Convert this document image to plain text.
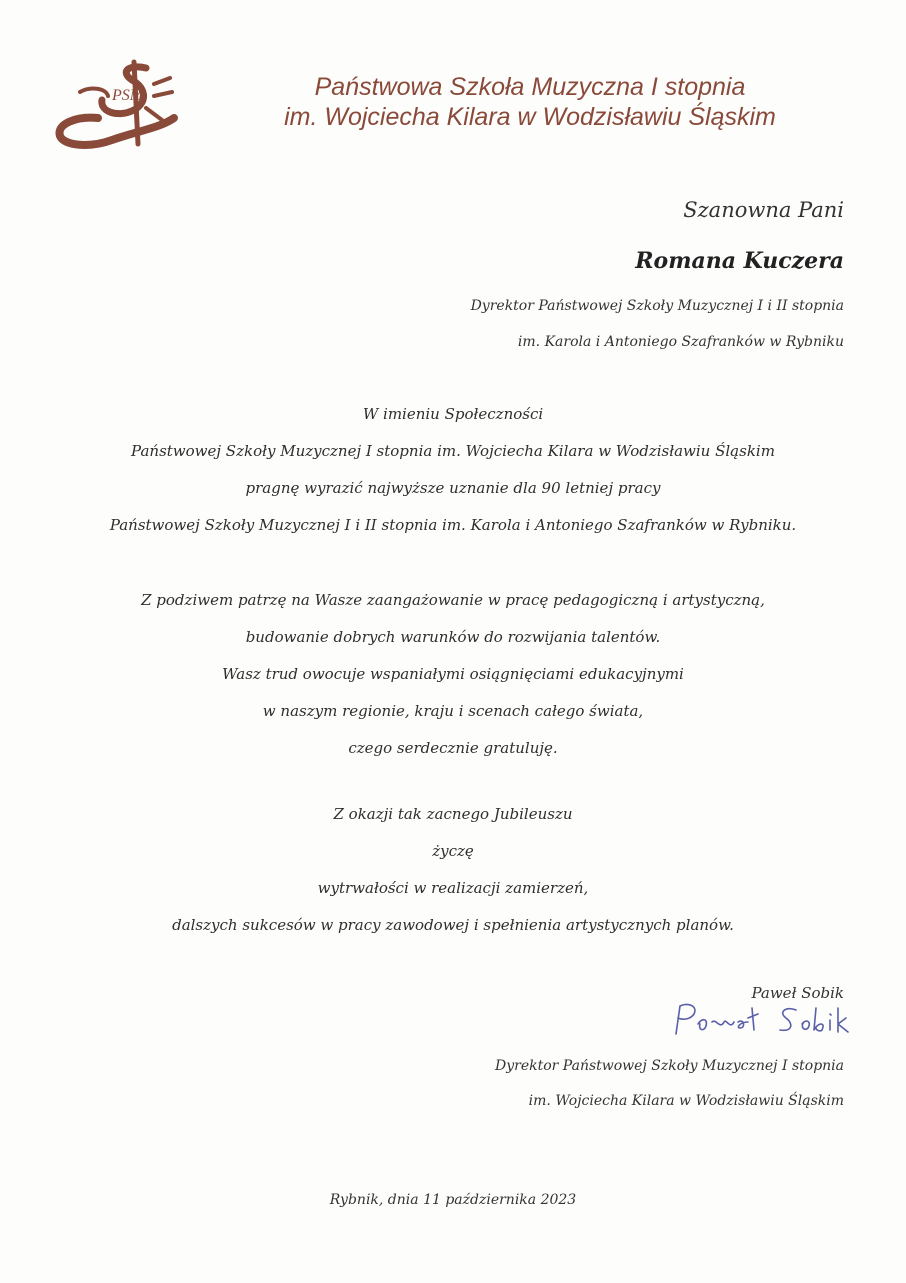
PSM	Państwowa Szkoła Muzyczna I stopnia
im. Wojciecha Kilara w Wodzisławiu Śląskim
Szanowna Pani
Romana Kuczera
Dyrektor Państwowej Szkoły Muzycznej I i II stopnia
im. Karola i Antoniego Szafranków w Rybniku
W imieniu Społeczności
Państwowej Szkoły Muzycznej I stopnia im. Wojciecha Kilara w Wodzisławiu Śląskim
pragnę wyrazić najwyższe uznanie dla 90 letniej pracy
Państwowej Szkoły Muzycznej I i II stopnia im. Karola i Antoniego Szafranków w Rybniku.
Z podziwem patrzę na Wasze zaangażowanie w pracę pedagogiczną i artystyczną,
budowanie dobrych warunków do rozwijania talentów.
Wasz trud owocuje wspaniałymi osiągnięciami edukacyjnymi
w naszym regionie, kraju i scenach całego świata,
czego serdecznie gratuluję.
Z okazji tak zacnego Jubileuszu
życzę
wytrwałości w realizacji zamierzeń,
dalszych sukcesów w pracy zawodowej i spełnienia artystycznych planów.
Paweł Sobik
Paweł Sobik
Dyrektor Państwowej Szkoły Muzycznej I stopnia
im. Wojciecha Kilara w Wodzisławiu Śląskim
Rybnik, dnia 11 października 2023
